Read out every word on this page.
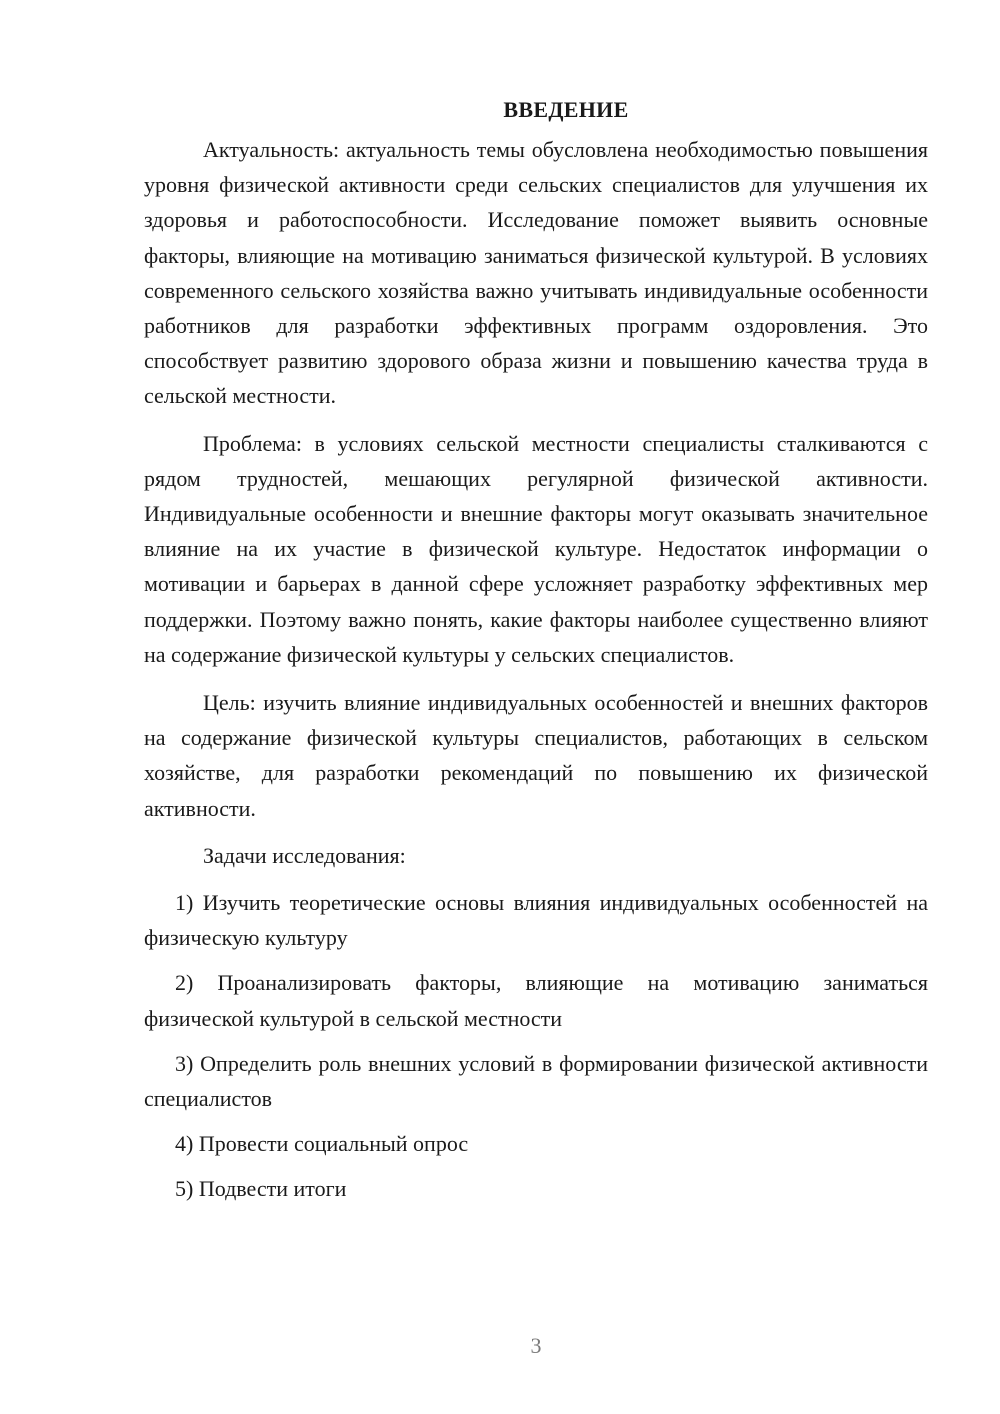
ВВЕДЕНИЕ

Актуальность: актуальность темы обусловлена необходимостью повышения уровня физической активности среди сельских специалистов для улучшения их здоровья и работоспособности. Исследование поможет выявить основные факторы, влияющие на мотивацию заниматься физической культурой. В условиях современного сельского хозяйства важно учитывать индивидуальные особенности работников для разработки эффективных программ оздоровления. Это способствует развитию здорового образа жизни и повышению качества труда в сельской местности.

Проблема: в условиях сельской местности специалисты сталкиваются с рядом трудностей, мешающих регулярной физической активности. Индивидуальные особенности и внешние факторы могут оказывать значительное влияние на их участие в физической культуре. Недостаток информации о мотивации и барьерах в данной сфере усложняет разработку эффективных мер поддержки. Поэтому важно понять, какие факторы наиболее существенно влияют на содержание физической культуры у сельских специалистов.

Цель: изучить влияние индивидуальных особенностей и внешних факторов на содержание физической культуры специалистов, работающих в сельском хозяйстве, для разработки рекомендаций по повышению их физической активности.

Задачи исследования:

1) Изучить теоретические основы влияния индивидуальных особенностей на физическую культуру

2) Проанализировать факторы, влияющие на мотивацию заниматься физической культурой в сельской местности

3) Определить роль внешних условий в формировании физической активности специалистов

4) Провести социальный опрос

5) Подвести итоги

3
